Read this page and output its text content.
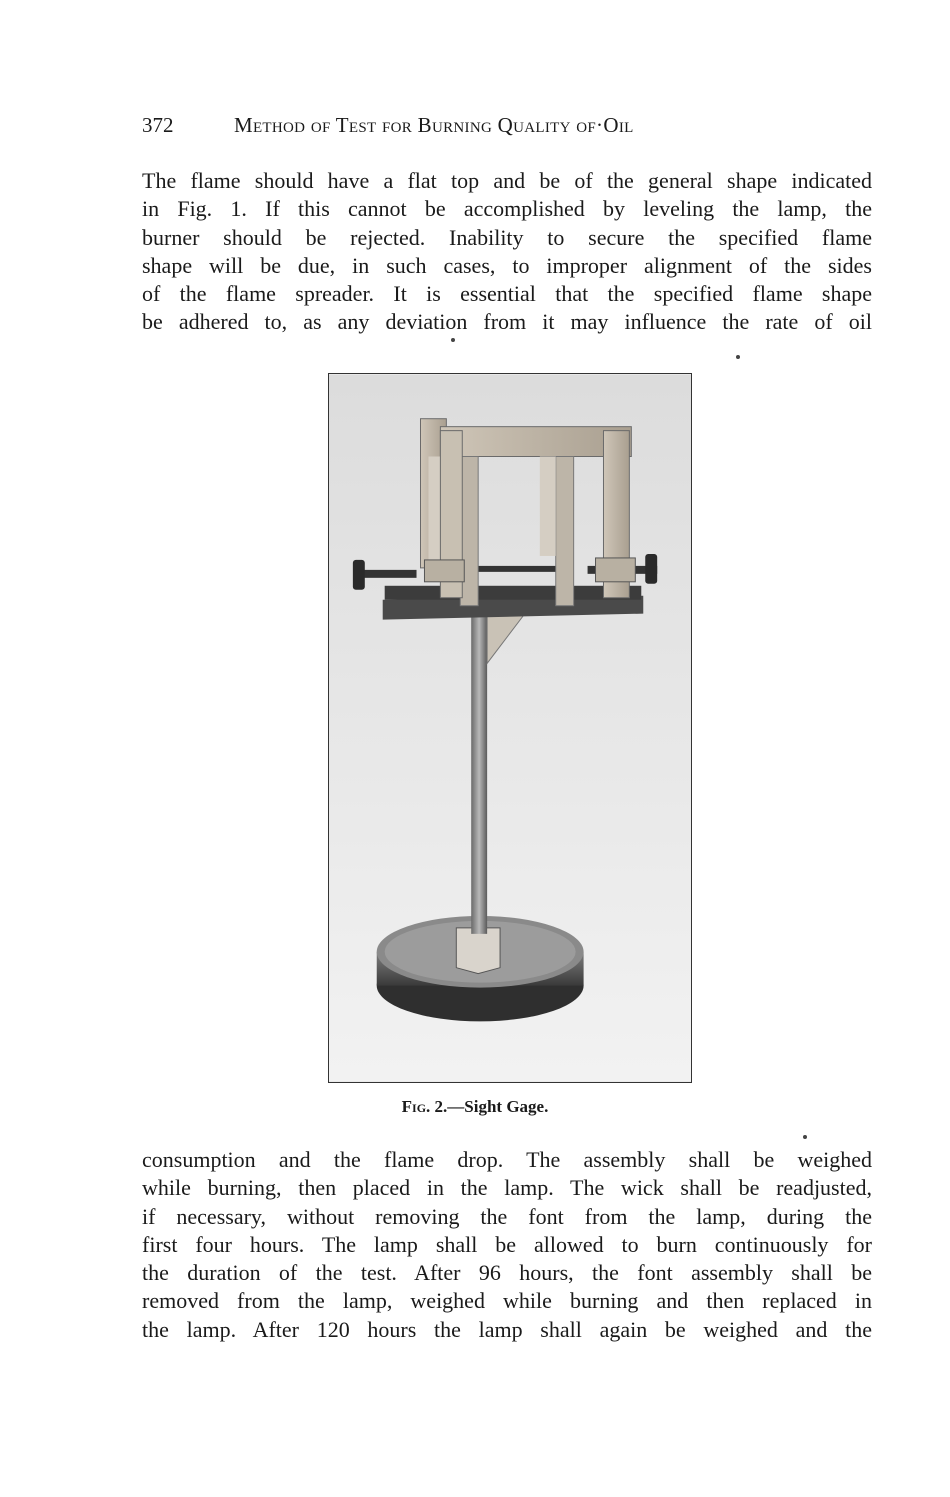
372	Method of Test for Burning Quality of·Oil
The flame should have a flat top and be of the general shape indicated
in Fig. 1. If this cannot be accomplished by leveling the lamp, the
burner should be rejected. Inability to secure the specified flame
shape will be due, in such cases, to improper alignment of the sides
of the flame spreader. It is essential that the specified flame shape
be adhered to, as any deviation from it may influence the rate of oil
Fig. 2.—Sight Gage.
consumption and the flame drop. The assembly shall be weighed
while burning, then placed in the lamp. The wick shall be readjusted,
if necessary, without removing the font from the lamp, during the
first four hours. The lamp shall be allowed to burn continuously for
the duration of the test. After 96 hours, the font assembly shall be
removed from the lamp, weighed while burning and then replaced in
the lamp. After 120 hours the lamp shall again be weighed and the
